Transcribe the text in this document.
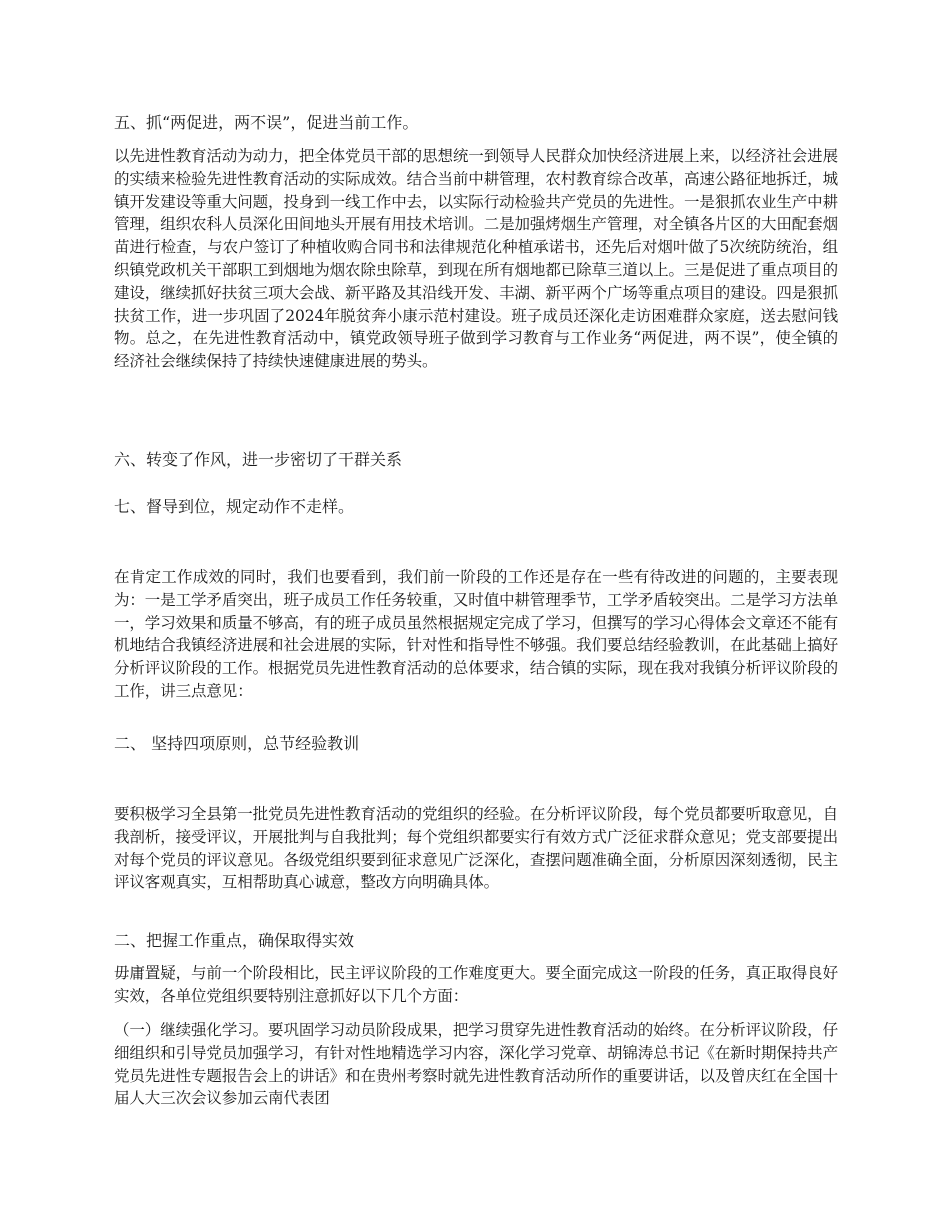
五、抓“两促进，两不误”，促进当前工作。

以先进性教育活动为动力，把全体党员干部的思想统一到领导人民群众加快经济进展上来，以经济社会进展的实绩来检验先进性教育活动的实际成效。结合当前中耕管理，农村教育综合改革，高速公路征地拆迁，城镇开发建设等重大问题，投身到一线工作中去，以实际行动检验共产党员的先进性。一是狠抓农业生产中耕管理，组织农科人员深化田间地头开展有用技术培训。二是加强烤烟生产管理，对全镇各片区的大田配套烟苗进行检查，与农户签订了种植收购合同书和法律规范化种植承诺书，还先后对烟叶做了5次统防统治，组织镇党政机关干部职工到烟地为烟农除虫除草，到现在所有烟地都已除草三道以上。三是促进了重点项目的建设，继续抓好扶贫三项大会战、新平路及其沿线开发、丰湖、新平两个广场等重点项目的建设。四是狠抓扶贫工作，进一步巩固了2024年脱贫奔小康示范村建设。班子成员还深化走访困难群众家庭，送去慰问钱物。总之，在先进性教育活动中，镇党政领导班子做到学习教育与工作业务“两促进，两不误”，使全镇的经济社会继续保持了持续快速健康进展的势头。

六、转变了作风，进一步密切了干群关系
七、督导到位，规定动作不走样。

在肯定工作成效的同时，我们也要看到，我们前一阶段的工作还是存在一些有待改进的问题的，主要表现为：一是工学矛盾突出，班子成员工作任务较重，又时值中耕管理季节，工学矛盾较突出。二是学习方法单一，学习效果和质量不够高，有的班子成员虽然根据规定完成了学习，但撰写的学习心得体会文章还不能有机地结合我镇经济进展和社会进展的实际，针对性和指导性不够强。我们要总结经验教训，在此基础上搞好分析评议阶段的工作。根据党员先进性教育活动的总体要求，结合镇的实际，现在我对我镇分析评议阶段的工作，讲三点意见：

二、 坚持四项原则，总节经验教训

要积极学习全县第一批党员先进性教育活动的党组织的经验。在分析评议阶段，每个党员都要听取意见，自我剖析，接受评议，开展批判与自我批判；每个党组织都要实行有效方式广泛征求群众意见；党支部要提出对每个党员的评议意见。各级党组织要到征求意见广泛深化，查摆问题准确全面，分析原因深刻透彻，民主评议客观真实，互相帮助真心诚意，整改方向明确具体。

二、把握工作重点，确保取得实效

毋庸置疑，与前一个阶段相比，民主评议阶段的工作难度更大。要全面完成这一阶段的任务，真正取得良好实效，各单位党组织要特别注意抓好以下几个方面：

（一）继续强化学习。要巩固学习动员阶段成果，把学习贯穿先进性教育活动的始终。在分析评议阶段，仔细组织和引导党员加强学习，有针对性地精选学习内容，深化学习党章、胡锦涛总书记《在新时期保持共产党员先进性专题报告会上的讲话》和在贵州考察时就先进性教育活动所作的重要讲话，以及曾庆红在全国十届人大三次会议参加云南代表团
